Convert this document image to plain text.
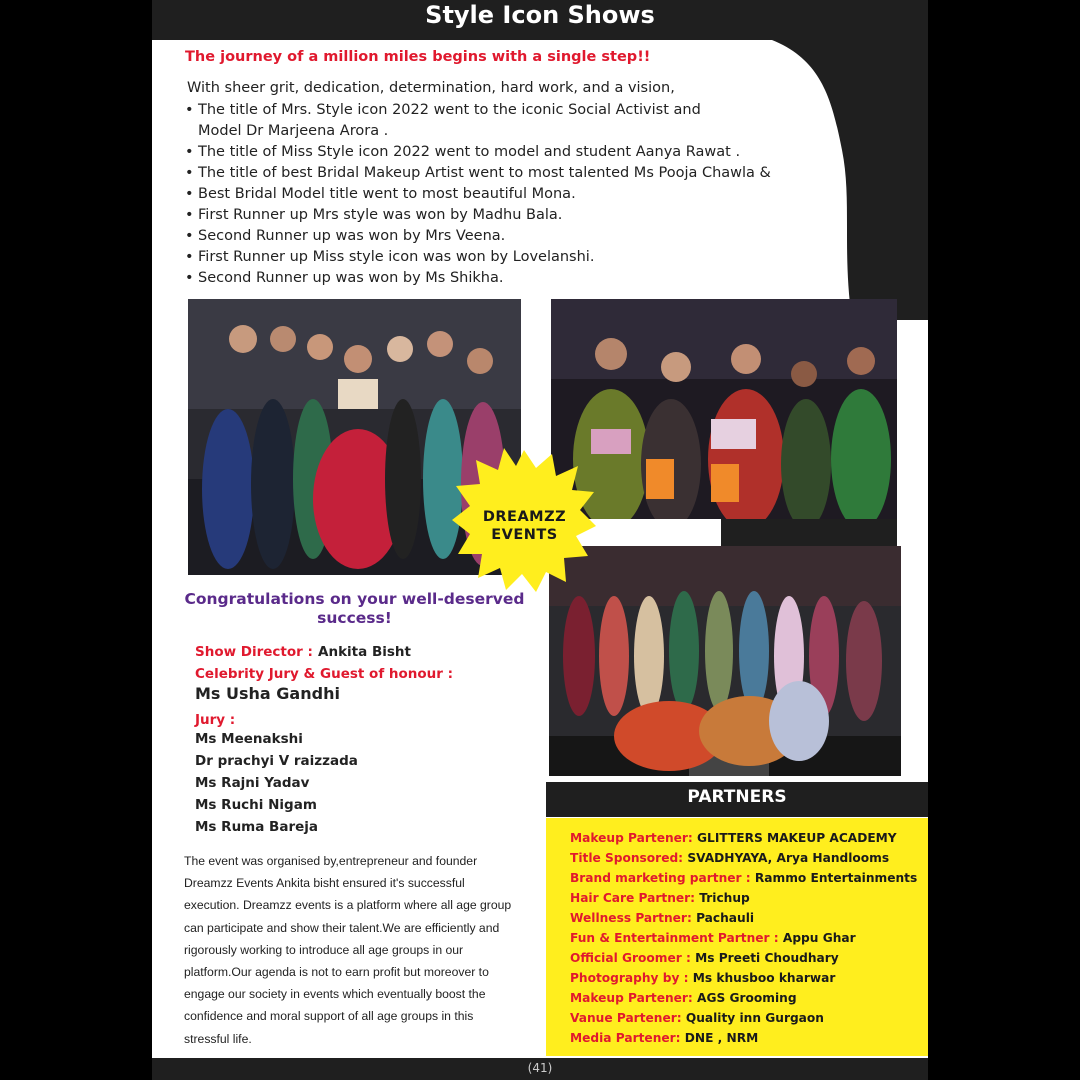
Style Icon Shows
The journey of a million miles begins with a single step!!
With sheer grit, dedication, determination, hard work, and a vision,
• The title of Mrs. Style icon 2022 went to the iconic Social Activist and
Model Dr Marjeena Arora .
• The title of Miss Style icon 2022 went to model and student Aanya Rawat .
• The title of best Bridal Makeup Artist went to most talented Ms Pooja Chawla &
• Best Bridal Model title went to most beautiful Mona.
• First Runner up Mrs style was won by Madhu Bala.
• Second Runner up was won by Mrs Veena.
• First Runner up Miss style icon was won by Lovelanshi.
• Second Runner up was won by Ms Shikha.
DREAMZZ
EVENTS
Congratulations on your well-deserved success!
Show Director : Ankita Bisht
Celebrity Jury & Guest of honour :
Ms Usha Gandhi
Jury :
Ms Meenakshi
Dr prachyi V raizzada
Ms Rajni Yadav
Ms Ruchi Nigam
Ms Ruma Bareja
The event was organised by,entrepreneur and founder Dreamzz Events Ankita bisht ensured it's successful execution. Dreamzz events is a platform where all age group can participate and show their talent.We are efficiently and rigorously working to introduce all age groups in our platform.Our agenda is not to earn profit but moreover to engage our society in events which eventually boost the confidence and moral support of all age groups in this stressful life.
PARTNERS
Makeup Partener: GLITTERS MAKEUP ACADEMY
Title Sponsored: SVADHYAYA, Arya Handlooms
Brand marketing partner : Rammo Entertainments
Hair Care Partner: Trichup
Wellness Partner: Pachauli
Fun & Entertainment Partner : Appu Ghar
Official Groomer : Ms Preeti Choudhary
Photography by : Ms khusboo kharwar
Makeup Partener: AGS Grooming
Vanue Partener: Quality inn Gurgaon
Media Partener: DNE , NRM
(41)
